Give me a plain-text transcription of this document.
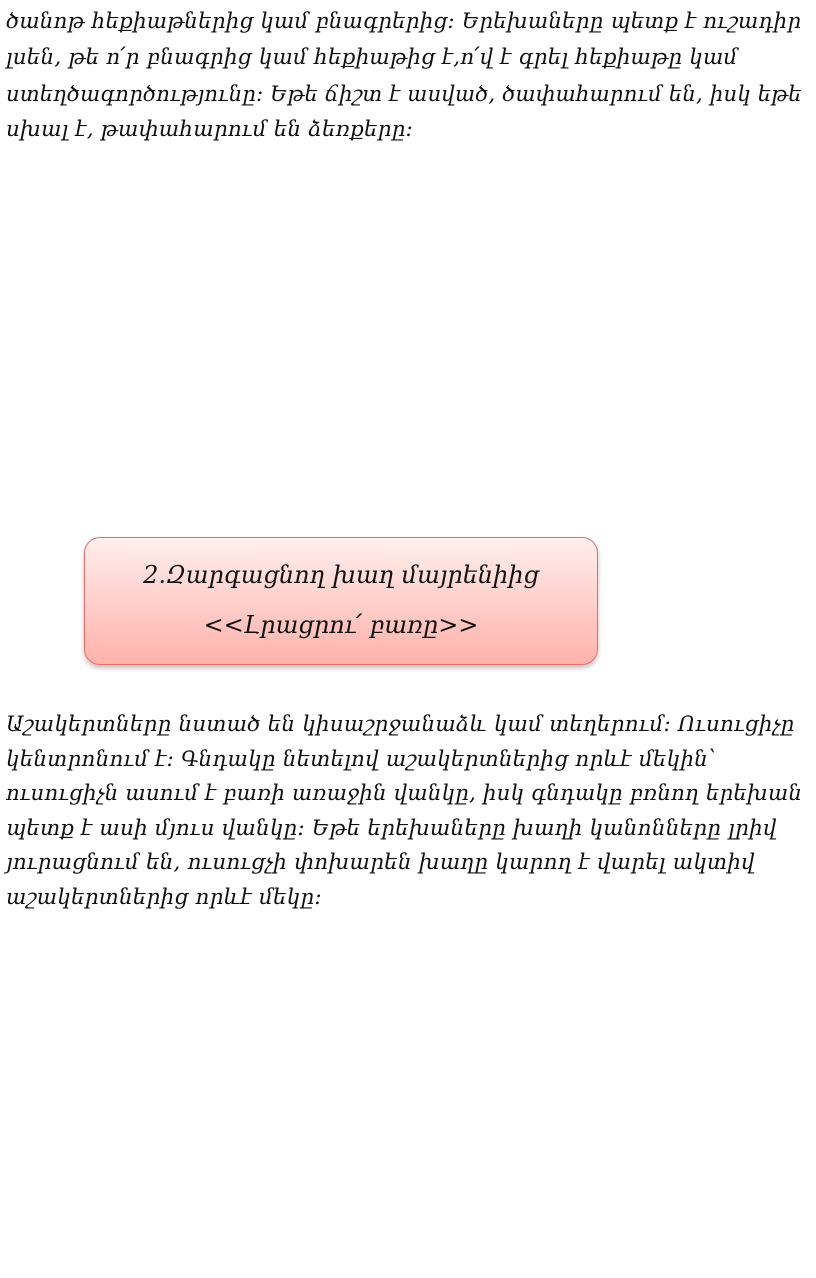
ծանոթ հեքիաթներից կամ բնագրերից: Երեխաները պետք է ուշադիր
լսեն, թե ո՛ր բնագրից կամ հեքիաթից է,ո՛վ է գրել հեքիաթը կամ
ստեղծագործությունը: Եթե ճիշտ է ասված, ծափահարում են, իսկ եթե
սխալ է, թափահարում են ձեռքերը:
2.Զարգացնող խաղ մայրենիից
<<Լրացրու՛ բառը>>
Աշակերտները նստած են կիսաշրջանաձև կամ տեղերում: Ուսուցիչը
կենտրոնում է: Գնդակը նետելով աշակերտներից որևէ մեկին՝
ուսուցիչն ասում է բառի առաջին վանկը, իսկ գնդակը բռնող երեխան
պետք է ասի մյուս վանկը: Եթե երեխաները խաղի կանոնները լրիվ
յուրացնում են, ուսուցչի փոխարեն խաղը կարող է վարել ակտիվ
աշակերտներից որևէ մեկը:
